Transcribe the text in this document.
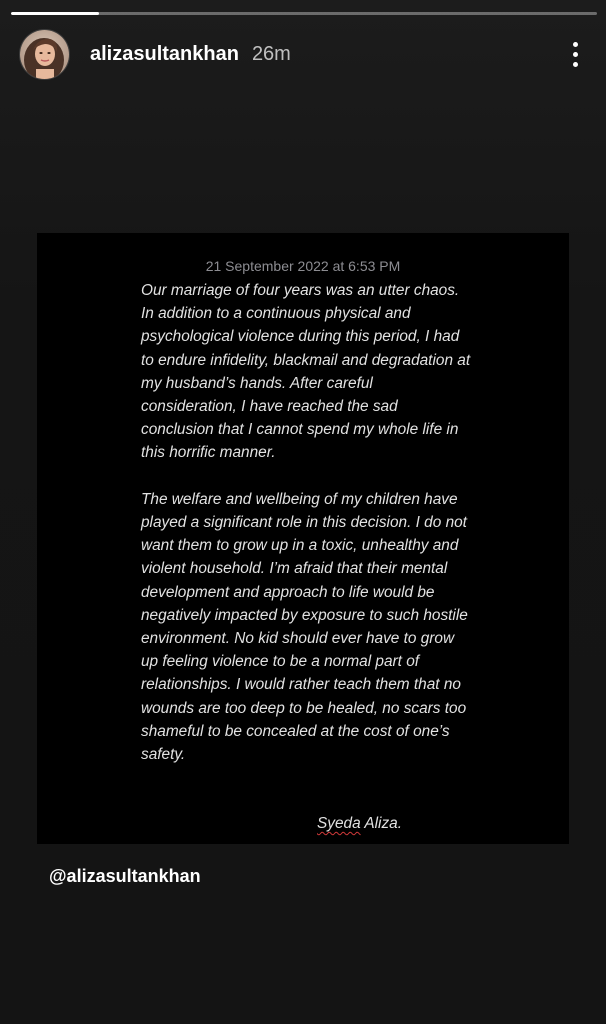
alizasultankhan 26m
21 September 2022 at 6:53 PM

Our marriage of four years was an utter chaos. In addition to a continuous physical and psychological violence during this period, I had to endure infidelity, blackmail and degradation at my husband’s hands. After careful consideration, I have reached the sad conclusion that I cannot spend my whole life in this horrific manner.

The welfare and wellbeing of my children have played a significant role in this decision. I do not want them to grow up in a toxic, unhealthy and violent household. I’m afraid that their mental development and approach to life would be negatively impacted by exposure to such hostile environment. No kid should ever have to grow up feeling violence to be a normal part of relationships. I would rather teach them that no wounds are too deep to be healed, no scars too shameful to be concealed at the cost of one’s safety.

Syeda Aliza.
@alizasultankhan
